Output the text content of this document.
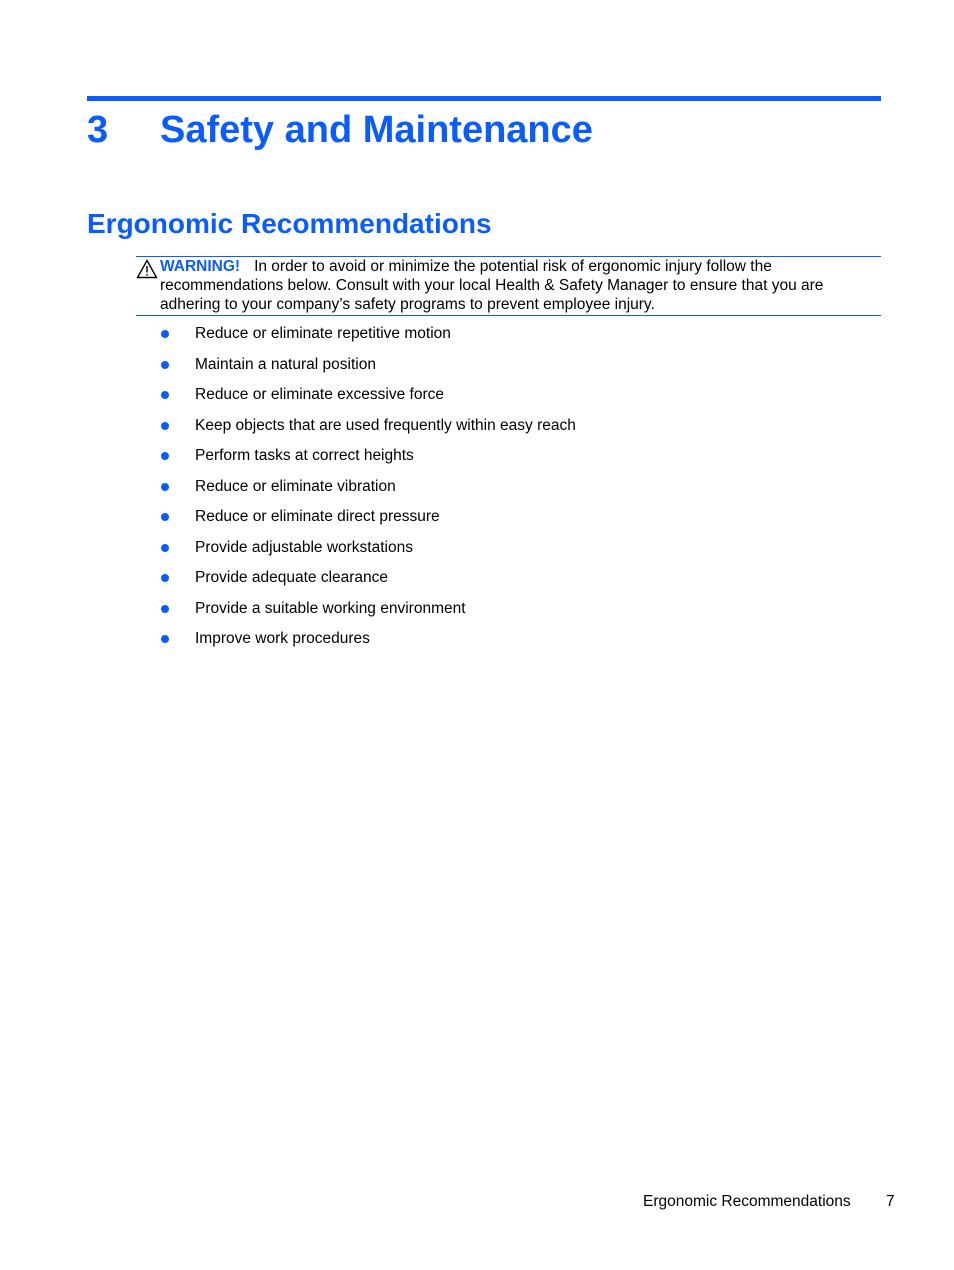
3	Safety and Maintenance
Ergonomic Recommendations
WARNING! In order to avoid or minimize the potential risk of ergonomic injury follow the recommendations below. Consult with your local Health & Safety Manager to ensure that you are adhering to your company’s safety programs to prevent employee injury.
Reduce or eliminate repetitive motion
Maintain a natural position
Reduce or eliminate excessive force
Keep objects that are used frequently within easy reach
Perform tasks at correct heights
Reduce or eliminate vibration
Reduce or eliminate direct pressure
Provide adjustable workstations
Provide adequate clearance
Provide a suitable working environment
Improve work procedures
Ergonomic Recommendations 7
